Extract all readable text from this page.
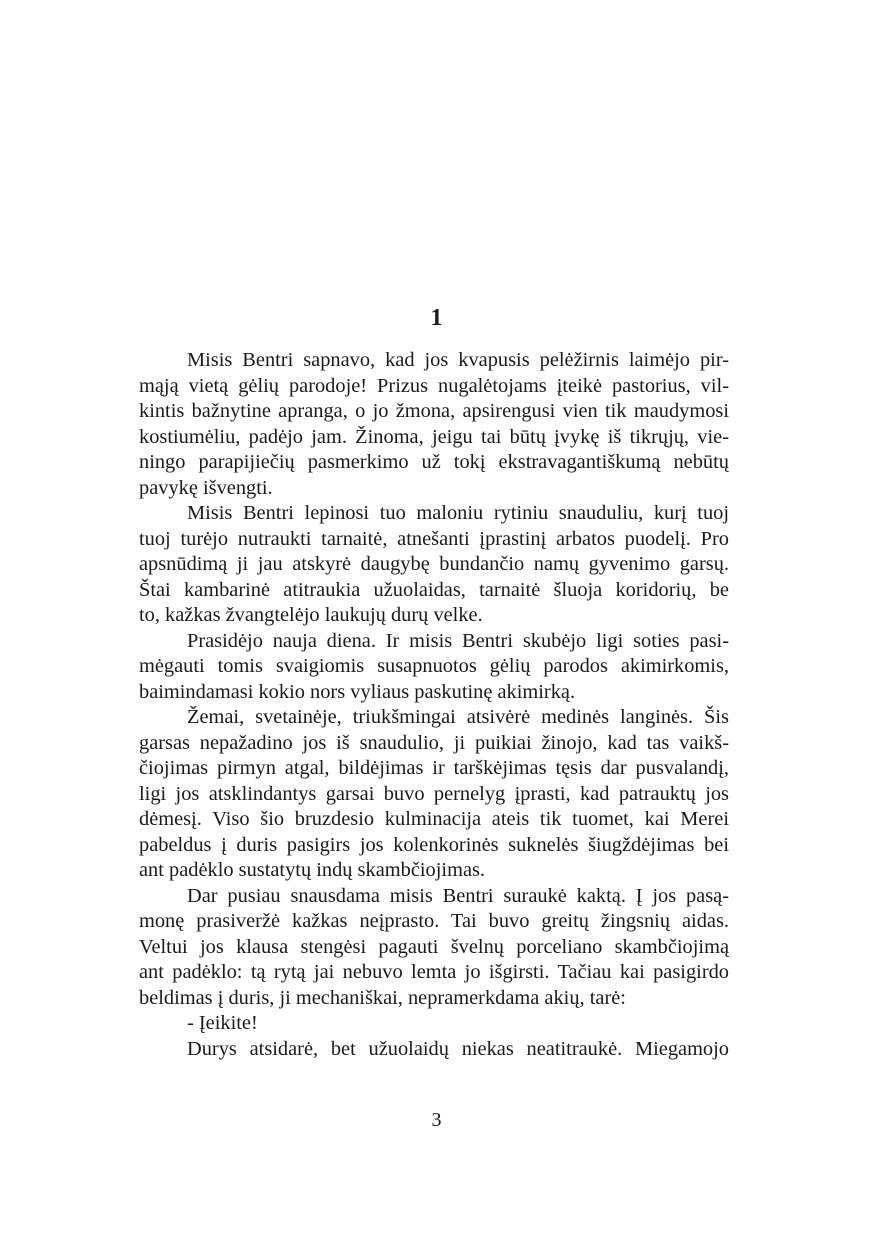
1
Misis Bentri sapnavo, kad jos kvapusis pelėžirnis laimėjo pir-
mąją vietą gėlių parodoje! Prizus nugalėtojams įteikė pastorius, vil-
kintis bažnytine apranga, o jo žmona, apsirengusi vien tik maudymosi
kostiumėliu, padėjo jam. Žinoma, jeigu tai būtų įvykę iš tikrųjų, vie-
ningo parapijiečių pasmerkimo už tokį ekstravagantiškumą nebūtų
pavykę išvengti.
Misis Bentri lepinosi tuo maloniu rytiniu snauduliu, kurį tuoj
tuoj turėjo nutraukti tarnaitė, atnešanti įprastinį arbatos puodelį. Pro
apsnūdimą ji jau atskyrė daugybę bundančio namų gyvenimo garsų.
Štai kambarinė atitraukia užuolaidas, tarnaitė šluoja koridorių, be
to, kažkas žvangtelėjo laukujų durų velke.
Prasidėjo nauja diena. Ir misis Bentri skubėjo ligi soties pasi-
mėgauti tomis svaigiomis susapnuotos gėlių parodos akimirkomis,
baimindamasi kokio nors vyliaus paskutinę akimirką.
Žemai, svetainėje, triukšmingai atsivėrė medinės langinės. Šis
garsas nepažadino jos iš snaudulio, ji puikiai žinojo, kad tas vaikš-
čiojimas pirmyn atgal, bildėjimas ir tarškėjimas tęsis dar pusvalandį,
ligi jos atsklindantys garsai buvo pernelyg įprasti, kad patrauktų jos
dėmesį. Viso šio bruzdesio kulminacija ateis tik tuomet, kai Merei
pabeldus į duris pasigirs jos kolenkorinės suknelės šiugždėjimas bei
ant padėklo sustatytų indų skambčiojimas.
Dar pusiau snausdama misis Bentri suraukė kaktą. Į jos pasą-
monę prasiveržė kažkas neįprasto. Tai buvo greitų žingsnių aidas.
Veltui jos klausa stengėsi pagauti švelnų porceliano skambčiojimą
ant padėklo: tą rytą jai nebuvo lemta jo išgirsti. Tačiau kai pasigirdo
beldimas į duris, ji mechaniškai, nepramerkdama akių, tarė:
- Įeikite!
Durys atsidarė, bet užuolaidų niekas neatitraukė. Miegamojo
3
